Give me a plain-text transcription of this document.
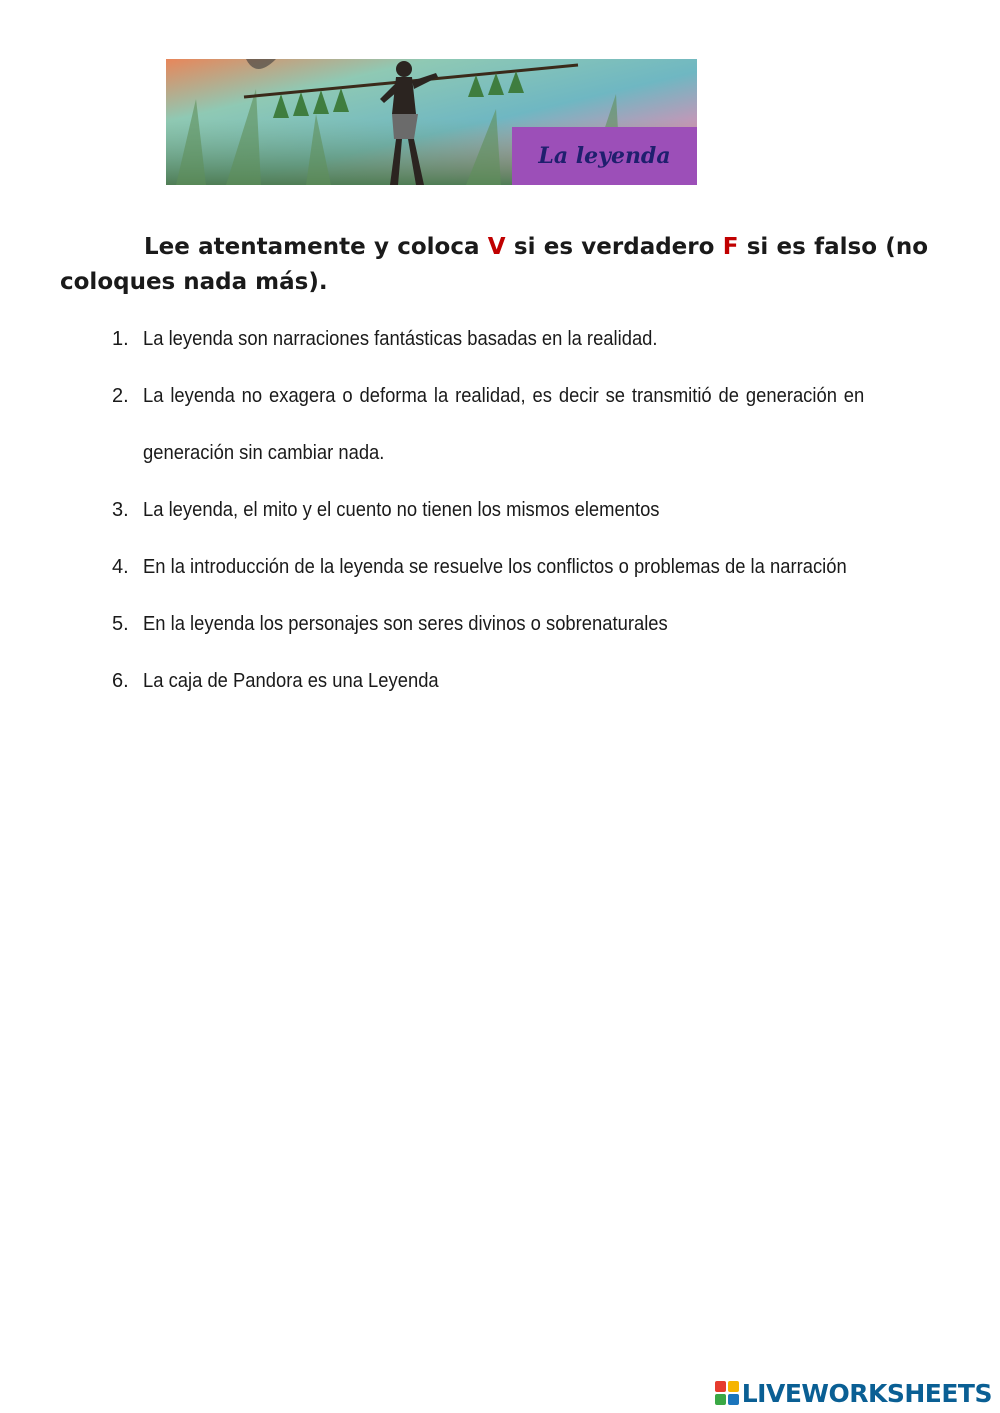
La leyenda
Lee atentamente y coloca V si es verdadero F si es falso (no coloques nada más).
1. La leyenda son narraciones fantásticas basadas en la realidad.
2. La leyenda no exagera o deforma la realidad, es decir se transmitió de generación en generación sin cambiar nada.
3. La leyenda, el mito y el cuento no tienen los mismos elementos
4. En la introducción de la leyenda se resuelve los conflictos o problemas de la narración
5. En la leyenda los personajes son seres divinos o sobrenaturales
6. La caja de Pandora es una Leyenda
LIVEWORKSHEETS
